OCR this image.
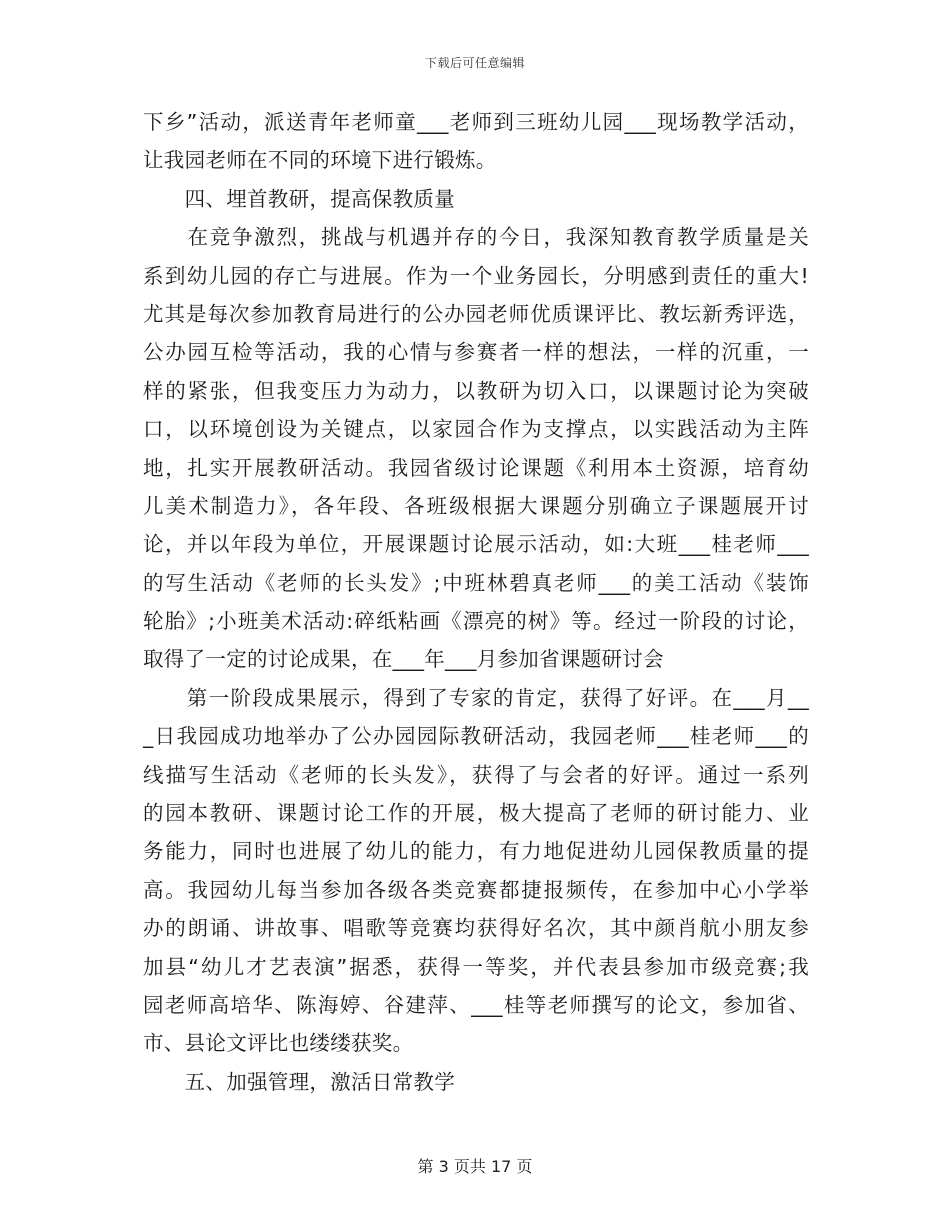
下载后可任意编辑
下乡”活动，派送青年老师童___老师到三班幼儿园___现场教学活动，
让我园老师在不同的环境下进行锻炼。
　　四、埋首教研，提高保教质量
　　在竞争激烈，挑战与机遇并存的今日，我深知教育教学质量是关
系到幼儿园的存亡与进展。作为一个业务园长，分明感到责任的重大!
尤其是每次参加教育局进行的公办园老师优质课评比、教坛新秀评选，
公办园互检等活动，我的心情与参赛者一样的想法，一样的沉重，一
样的紧张，但我变压力为动力，以教研为切入口，以课题讨论为突破
口，以环境创设为关键点，以家园合作为支撑点，以实践活动为主阵
地，扎实开展教研活动。我园省级讨论课题《利用本土资源，培育幼
儿美术制造力》，各年段、各班级根据大课题分别确立子课题展开讨
论，并以年段为单位，开展课题讨论展示活动，如:大班___桂老师___
的写生活动《老师的长头发》;中班林碧真老师___的美工活动《装饰
轮胎》;小班美术活动:碎纸粘画《漂亮的树》等。经过一阶段的讨论，
取得了一定的讨论成果，在___年___月参加省课题研讨会
　　第一阶段成果展示，得到了专家的肯定，获得了好评。在___月__
_日我园成功地举办了公办园园际教研活动，我园老师___桂老师___的
线描写生活动《老师的长头发》，获得了与会者的好评。通过一系列
的园本教研、课题讨论工作的开展，极大提高了老师的研讨能力、业
务能力，同时也进展了幼儿的能力，有力地促进幼儿园保教质量的提
高。我园幼儿每当参加各级各类竞赛都捷报频传，在参加中心小学举
办的朗诵、讲故事、唱歌等竞赛均获得好名次，其中颜肖航小朋友参
加县“幼儿才艺表演”据悉，获得一等奖，并代表县参加市级竞赛;我
园老师高培华、陈海婷、谷建萍、___桂等老师撰写的论文，参加省、
市、县论文评比也缕缕获奖。
　　五、加强管理，激活日常教学
第 3 页共 17 页
